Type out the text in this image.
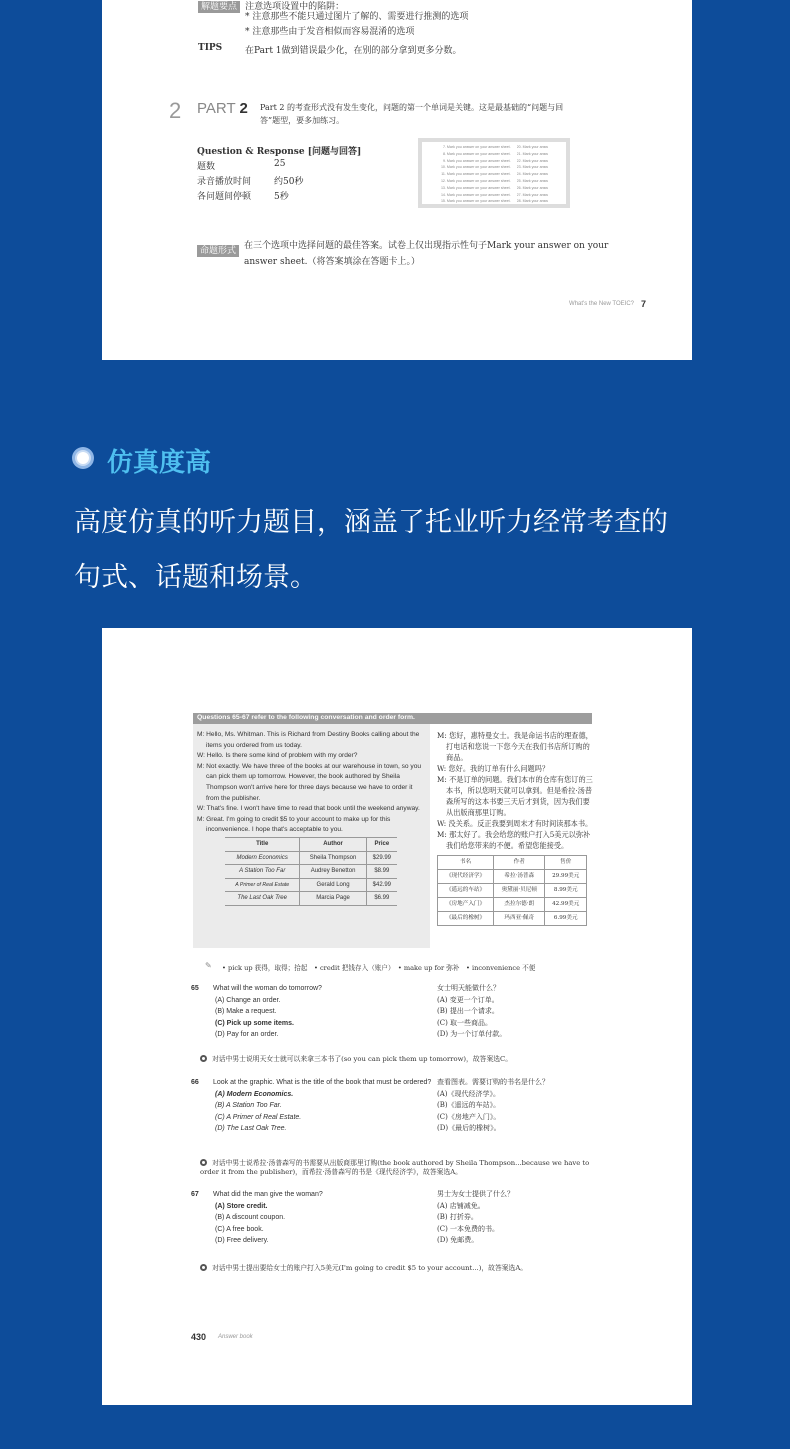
解题要点 注意选项设置中的陷阱：
* 注意那些不能只通过图片了解的、需要进行推测的选项
* 注意那些由于发音相似而容易混淆的选项
TIPS	在Part 1做到错误最少化，在别的部分拿到更多分数。
2 PART 2 Part 2 的考查形式没有发生变化，问题的第一个单词是关键。这是最基础的“问题与回
答”题型，要多加练习。
Question & Response [问题与回答]
题数	25
录音播放时间	约50秒
各问题间停顿	5秒
7. Mark you answer on your answer sheet.	20. Mark your answ
8. Mark you answer on your answer sheet.	21. Mark your answ
9. Mark you answer on your answer sheet.	22. Mark your answ
10. Mark you answer on your answer sheet.	23. Mark your answ
11. Mark you answer on your answer sheet.	24. Mark your answ
12. Mark you answer on your answer sheet.	25. Mark your answ
13. Mark you answer on your answer sheet.	26. Mark your answ
14. Mark you answer on your answer sheet.	27. Mark your answ
15. Mark you answer on your answer sheet.	28. Mark your answ
命题形式 在三个选项中选择问题的最佳答案。试卷上仅出现指示性句子Mark your answer on your
answer sheet.（将答案填涂在答题卡上。）
What's the New TOEIC? 7
仿真度高
高度仿真的听力题目，涵盖了托业听力经常考查的
句式、话题和场景。
Questions 65-67 refer to the following conversation and order form.

M: Hello, Ms. Whitman. This is Richard from Destiny Books calling about the items you ordered from us today.

W: Hello. Is there some kind of problem with my order?

M: Not exactly. We have three of the books at our warehouse in town, so you can pick them up tomorrow. However, the book authored by Sheila Thompson won't arrive here for three days because we have to order it from the publisher.

W: That's fine. I won't have time to read that book until the weekend anyway.

M: Great. I'm going to credit $5 to your account to make up for this inconvenience. I hope that's acceptable to you.

Title	Author	Price
Modern Economics	Sheila Thompson	$29.99
A Station Too Far	Audrey Benetton	$8.99
A Primer of Real Estate	Gerald Long	$42.99
The Last Oak Tree	Marcia Page	$6.99

M: 您好，惠特曼女士。我是命运书店的理查德，打电话和您说一下您今天在我们书店所订购的商品。

W: 您好。我的订单有什么问题吗？

M: 不是订单的问题。我们本市的仓库有您订的三本书，所以您明天就可以拿到。但是希拉·汤普森所写的这本书要三天后才到货，因为我们要从出版商那里订购。

W: 没关系。反正我要到周末才有时间读那本书。

M: 那太好了。我会给您的账户打入5美元以弥补我们给您带来的不便。希望您能接受。

书名	作者	售价
《现代经济学》	希拉·汤普森	29.99美元
《遥远的车站》	奥黛丽·贝尼顿	8.99美元
《房地产入门》	杰拉尔德·朗	42.99美元
《最后的橡树》	玛西亚·佩奇	6.99美元
✎ • pick up 获得，取得；拾起　• credit 把钱存入（账户）　• make up for 弥补　• inconvenience 不便
65 What will the woman do tomorrow?
(A) Change an order.
(B) Make a request.
(C) Pick up some items.
(D) Pay for an order.
女士明天能做什么？
(A) 变更一个订单。
(B) 提出一个请求。
(C) 取一些商品。
(D) 为一个订单付款。
对话中男士说明天女士就可以来拿三本书了(so you can pick them up tomorrow)，故答案选C。
66 Look at the graphic. What is the title of the book that must be ordered?
(A) Modern Economics.
(B) A Station Too Far.
(C) A Primer of Real Estate.
(D) The Last Oak Tree.
查看图表。需要订购的书名是什么？
(A)《现代经济学》。
(B)《遥远的车站》。
(C)《房地产入门》。
(D)《最后的橡树》。
对话中男士说希拉·汤普森写的书需要从出版商那里订购(the book authored by Sheila Thompson...because we have to order it from the publisher)，而希拉·汤普森写的书是《现代经济学》，故答案选A。
67 What did the man give the woman?
(A) Store credit.
(B) A discount coupon.
(C) A free book.
(D) Free delivery.
男士为女士提供了什么？
(A) 店铺减免。
(B) 打折券。
(C) 一本免费的书。
(D) 免邮费。
对话中男士提出要给女士的账户打入5美元(I'm going to credit $5 to your account...)，故答案选A。
430 Answer book
